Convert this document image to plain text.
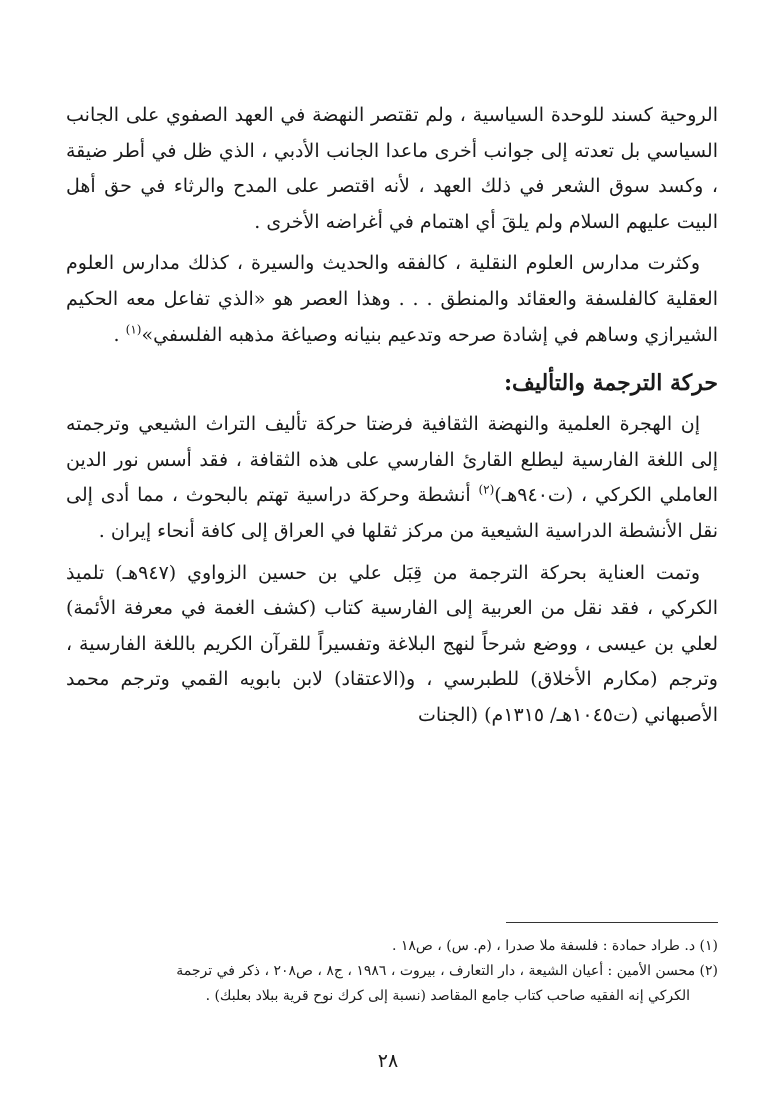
الروحية كسند للوحدة السياسية ، ولم تقتصر النهضة في العهد الصفوي على الجانب السياسي بل تعدته إلى جوانب أخرى ماعدا الجانب الأدبي ، الذي ظل في أطر ضيقة ، وكسد سوق الشعر في ذلك العهد ، لأنه اقتصر على المدح والرثاء في حق أهل البيت عليهم السلام ولم يلقَ أي اهتمام في أغراضه الأخرى .

وكثرت مدارس العلوم النقلية ، كالفقه والحديث والسيرة ، كذلك مدارس العلوم العقلية كالفلسفة والعقائد والمنطق . . . وهذا العصر هو «الذي تفاعل معه الحكيم الشيرازي وساهم في إشادة صرحه وتدعيم بنيانه وصياغة مذهبه الفلسفي»$^{(١)}$ .

حركة الترجمة والتأليف:

إن الهجرة العلمية والنهضة الثقافية فرضتا حركة تأليف التراث الشيعي وترجمته إلى اللغة الفارسية ليطلع القارئ الفارسي على هذه الثقافة ، فقد أسس نور الدين العاملي الكركي ، (ت٩٤٠هـ)$^{(٢)}$ أنشطة وحركة دراسية تهتم بالبحوث ، مما أدى إلى نقل الأنشطة الدراسية الشيعية من مركز ثقلها في العراق إلى كافة أنحاء إيران .

وتمت العناية بحركة الترجمة من قِبَل علي بن حسين الزواوي (٩٤٧هـ) تلميذ الكركي ، فقد نقل من العربية إلى الفارسية كتاب (كشف الغمة في معرفة الأئمة) لعلي بن عيسى ، ووضع شرحاً لنهج البلاغة وتفسيراً للقرآن الكريم باللغة الفارسية ، وترجم (مكارم الأخلاق) للطبرسي ، و(الاعتقاد) لابن بابويه القمي وترجم محمد الأصبهاني (ت١٠٤٥هـ/ ١٣١٥م) (الجنات

(١) د. طراد حمادة : فلسفة ملا صدرا ، (م. س) ، ص١٨ .

(٢) محسن الأمين : أعيان الشيعة ، دار التعارف ، بيروت ، ١٩٨٦ ، ج٨ ، ص٢٠٨ ، ذكر في ترجمة

الكركي إنه الفقيه صاحب كتاب جامع المقاصد (نسبة إلى كرك نوح قرية ببلاد بعلبك) .

٢٨
